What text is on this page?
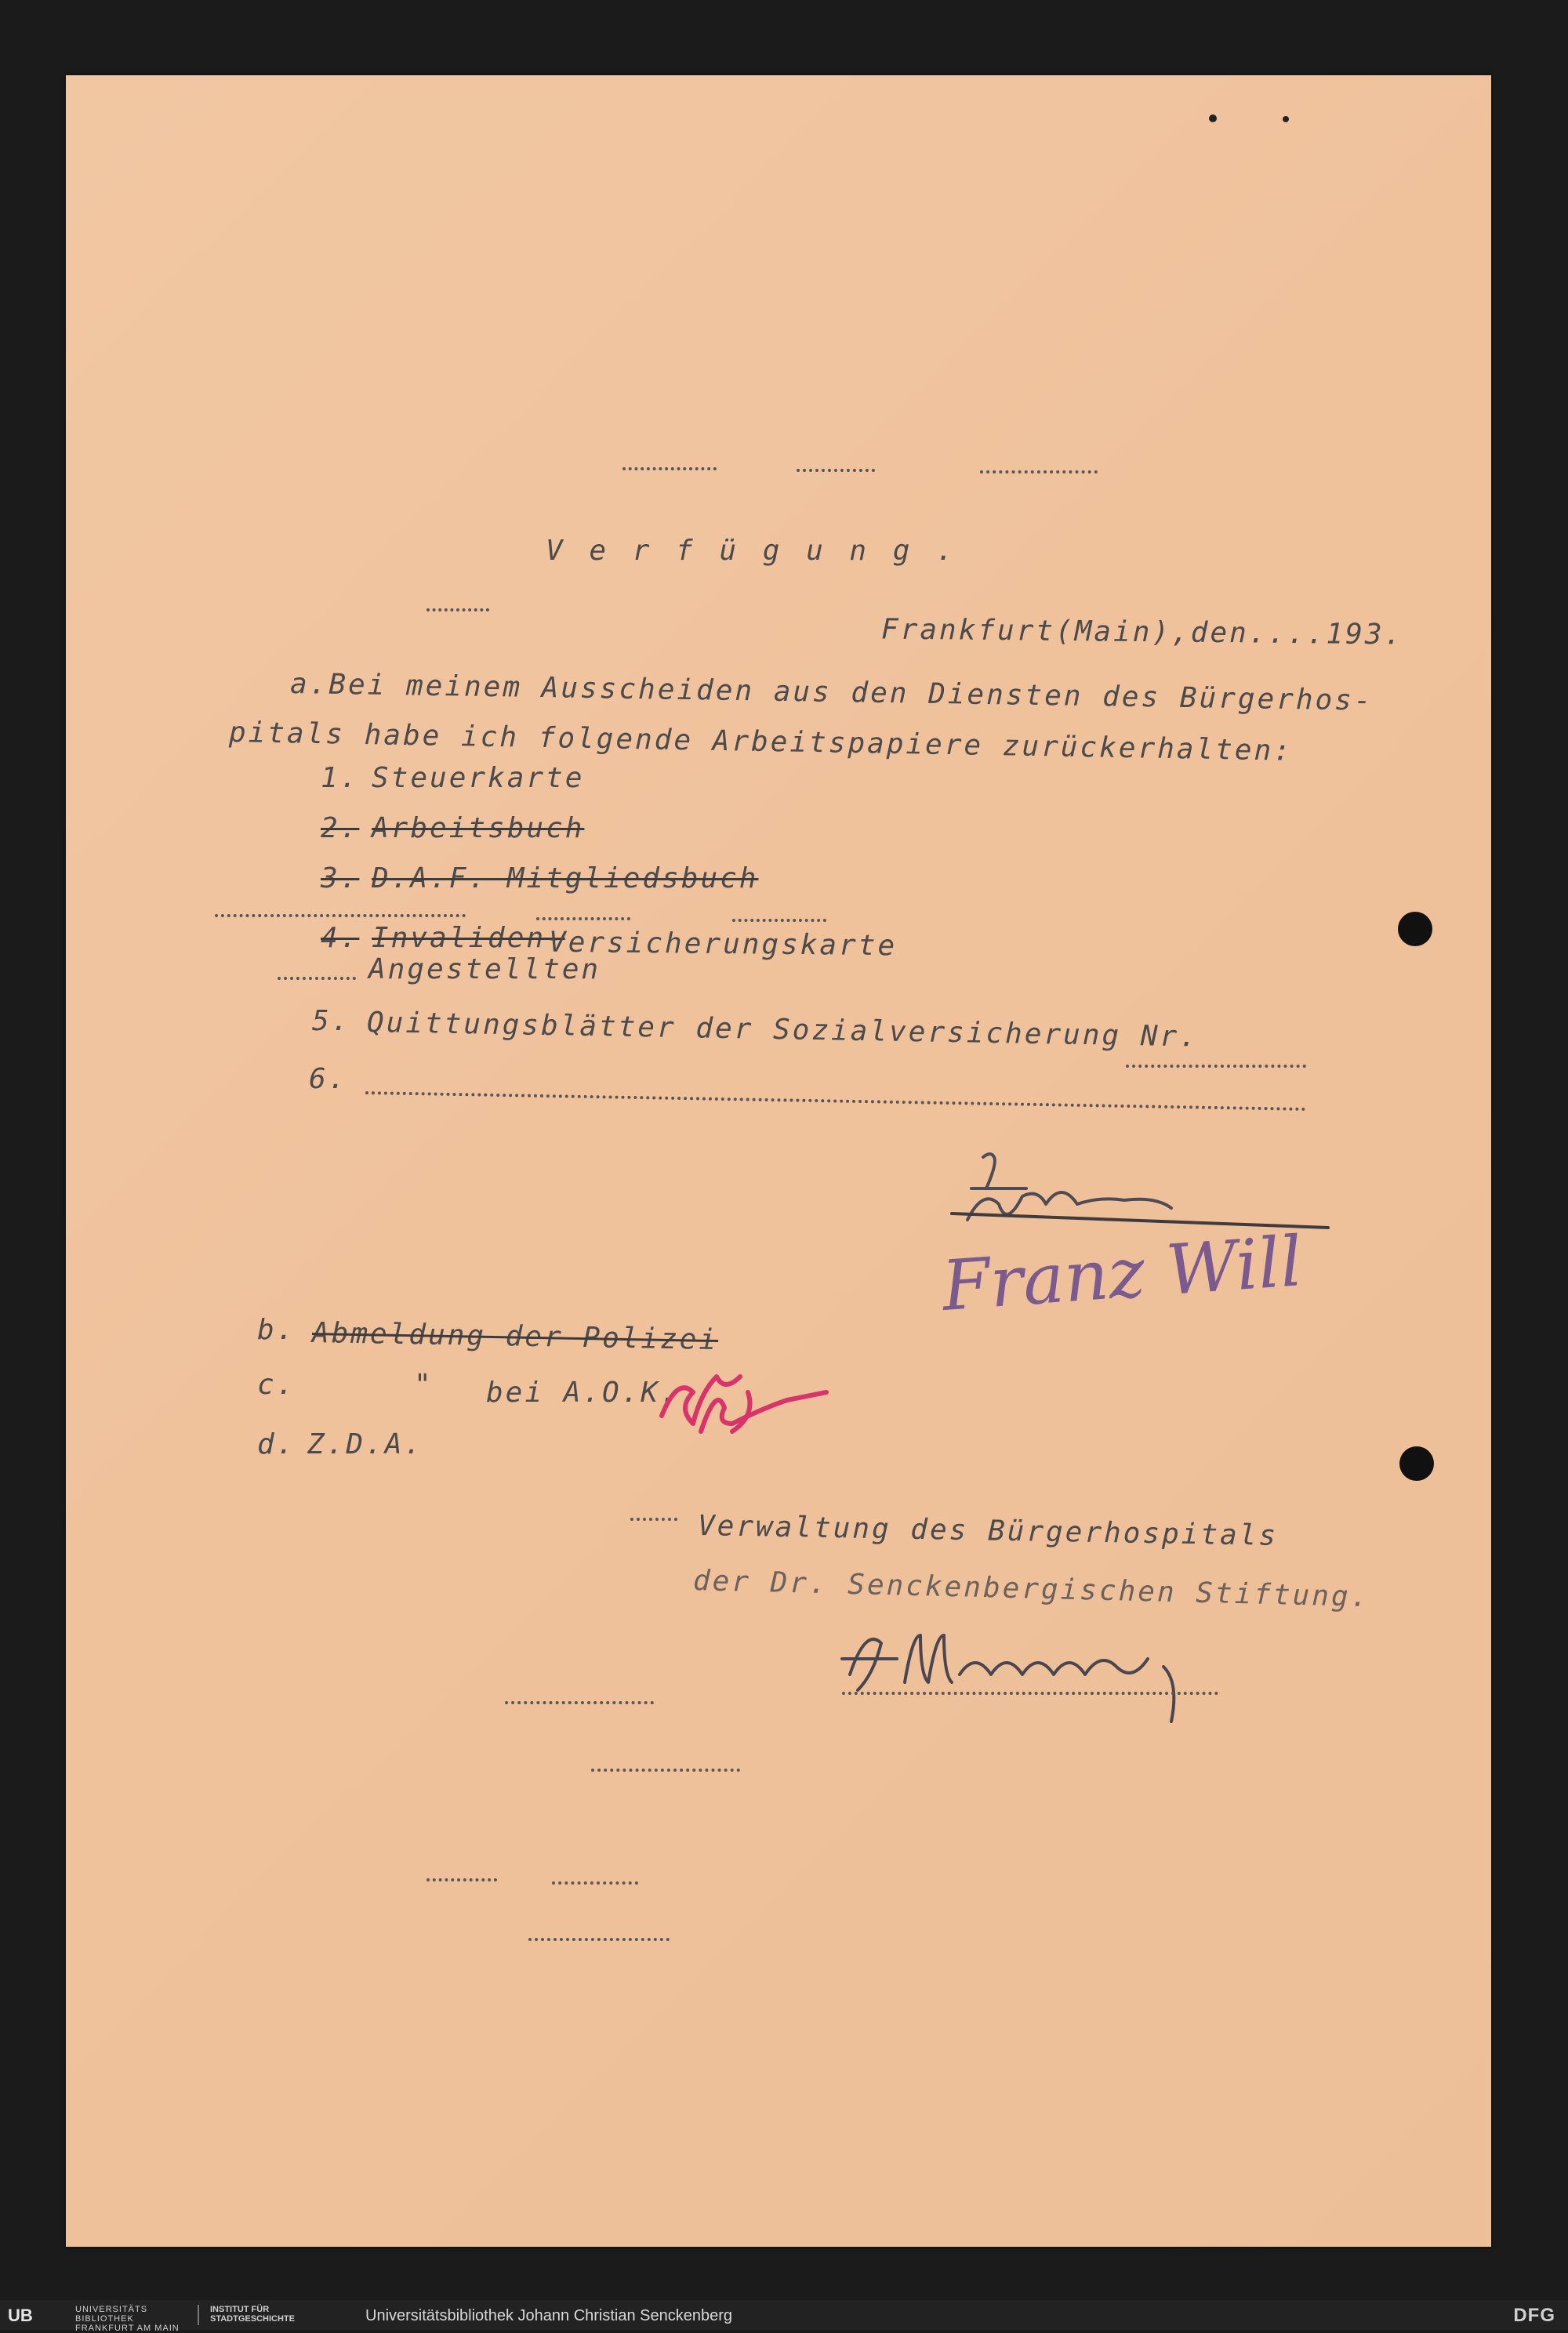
V e r f ü g u n g .
Frankfurt(Main),den....193.
a.Bei meinem Ausscheiden aus den Diensten des Bürgerhos-
pitals habe ich folgende Arbeitspapiere zurückerhalten:
1. Steuerkarte
2. Arbeitsbuch
3. D.A.F. Mitgliedsbuch
4. Invaliden-
Versicherungskarte
Angestellten
5. Quittungsblätter der Sozialversicherung Nr.
6.
Franz Will
b. Abmeldung der Polizei
c.	" bei A.O.K.
d. Z.D.A.
Verwaltung des Bürgerhospitals
der Dr. Senckenbergischen Stiftung.
UB	UNIVERSITÄTS
BIBLIOTHEK
FRANKFURT AM MAIN
INSTITUT FÜR
STADTGESCHICHTE	Universitätsbibliothek Johann Christian Senckenberg	DFG
